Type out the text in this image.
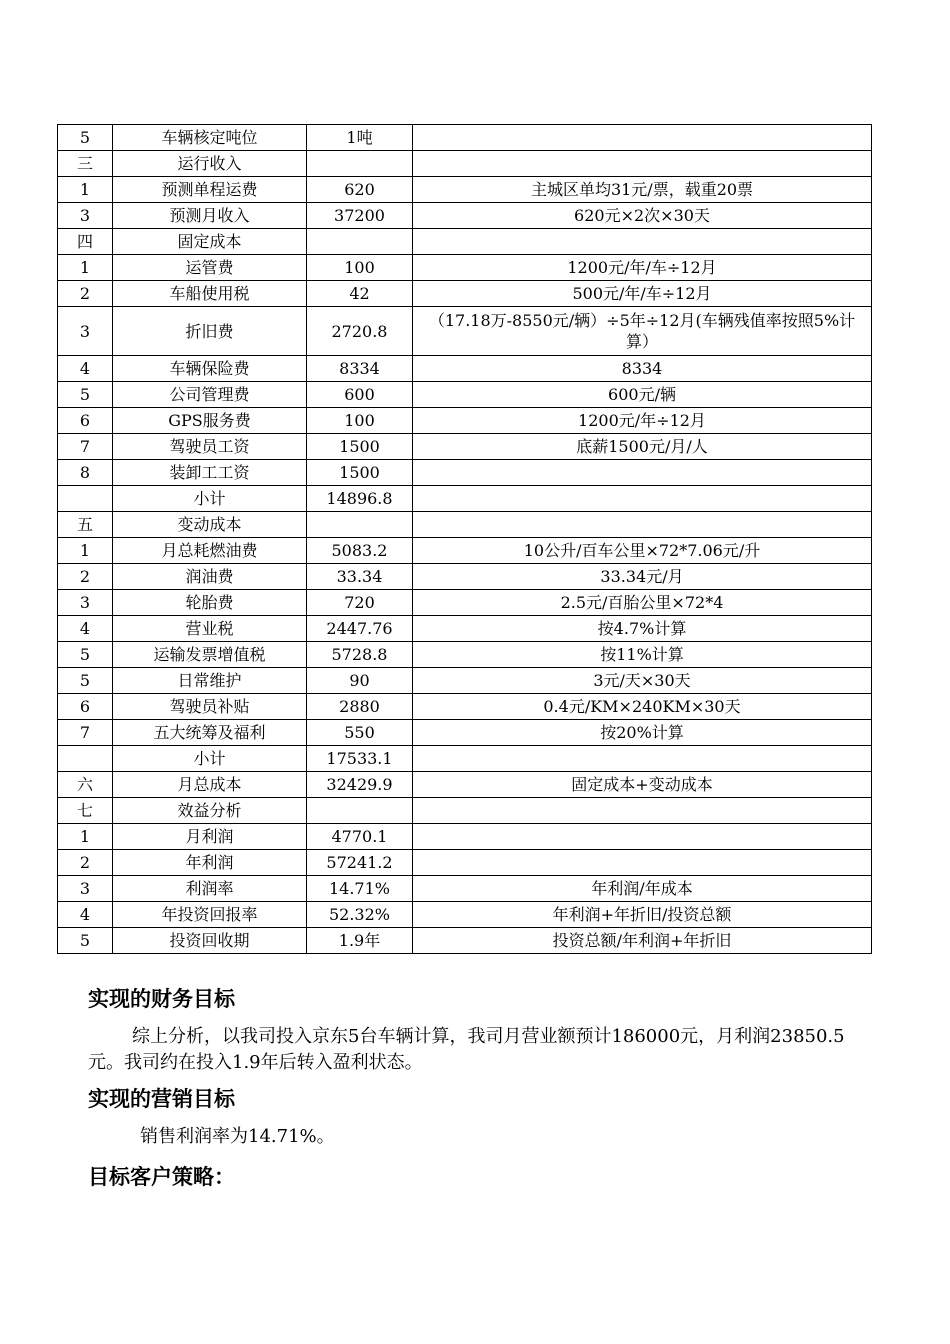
5	车辆核定吨位	1吨	
三	运行收入		
1	预测单程运费	620	主城区单均31元/票，载重20票
3	预测月收入	37200	620元×2次×30天
四	固定成本		
1	运管费	100	1200元/年/车÷12月
2	车船使用税	42	500元/年/车÷12月
3	折旧费	2720.8	（17.18万-8550元/辆）÷5年÷12月(车辆残值率按照5%计算）
4	车辆保险费	8334	8334
5	公司管理费	600	600元/辆
6	GPS服务费	100	1200元/年÷12月
7	驾驶员工资	1500	底薪1500元/月/人
8	装卸工工资	1500	
	小计	14896.8	
五	变动成本		
1	月总耗燃油费	5083.2	10公升/百车公里×72*7.06元/升
2	润油费	33.34	33.34元/月
3	轮胎费	720	2.5元/百胎公里×72*4
4	营业税	2447.76	按4.7%计算
5	运输发票增值税	5728.8	按11%计算
5	日常维护	90	3元/天×30天
6	驾驶员补贴	2880	0.4元/KM×240KM×30天
7	五大统筹及福利	550	按20%计算
	小计	17533.1	
六	月总成本	32429.9	固定成本+变动成本
七	效益分析		
1	月利润	4770.1	
2	年利润	57241.2	
3	利润率	14.71%	年利润/年成本
4	年投资回报率	52.32%	年利润+年折旧/投资总额
5	投资回收期	1.9年	投资总额/年利润+年折旧

实现的财务目标

综上分析，以我司投入京东5台车辆计算，我司月营业额预计186000元，月利润23850.5元。我司约在投入1.9年后转入盈利状态。

实现的营销目标

销售利润率为14.71%。

目标客户策略：
